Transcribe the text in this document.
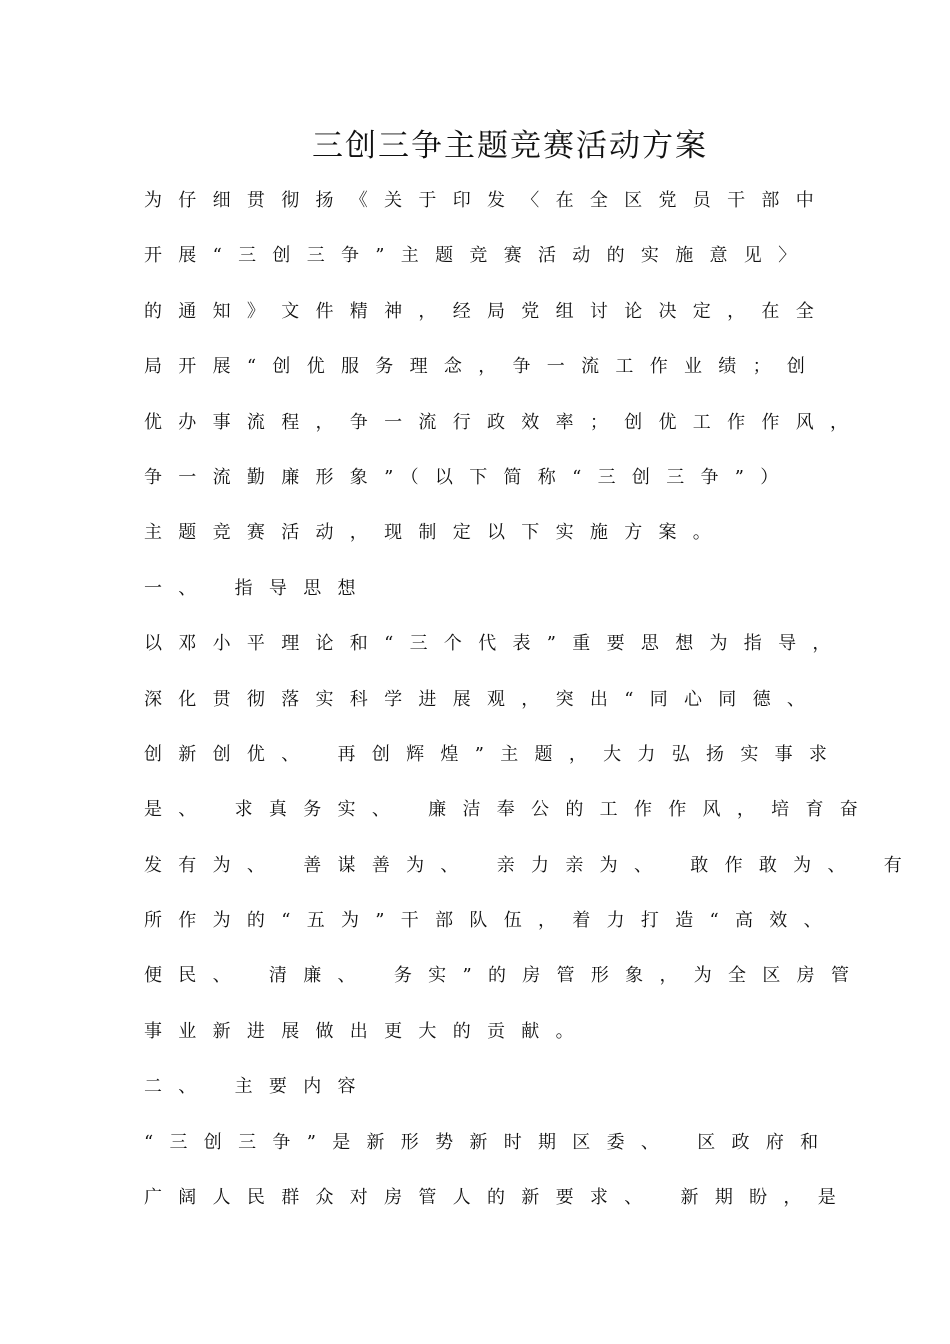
三创三争主题竞赛活动方案
为仔细贯彻扬《关于印发〈在全区党员干部中
开展“三创三争”主题竞赛活动的实施意见〉
的通知》文件精神，经局党组讨论决定，在全
局开展“创优服务理念，争一流工作业绩；创
优办事流程，争一流行政效率；创优工作作风，
争一流勤廉形象”（以下简称“三创三争”）
主题竞赛活动，现制定以下实施方案。
一、 指导思想
以邓小平理论和“三个代表”重要思想为指导，
深化贯彻落实科学进展观，突出“同心同德、
创新创优、 再创辉煌”主题，大力弘扬实事求
是、 求真务实、 廉洁奉公的工作作风，培育奋
发有为、 善谋善为、 亲力亲为、 敢作敢为、 有
所作为的“五为”干部队伍，着力打造“高效、
便民、 清廉、 务实”的房管形象，为全区房管
事业新进展做出更大的贡献。
二、 主要内容
“三创三争”是新形势新时期区委、 区政府和
广阔人民群众对房管人的新要求、 新期盼，是
